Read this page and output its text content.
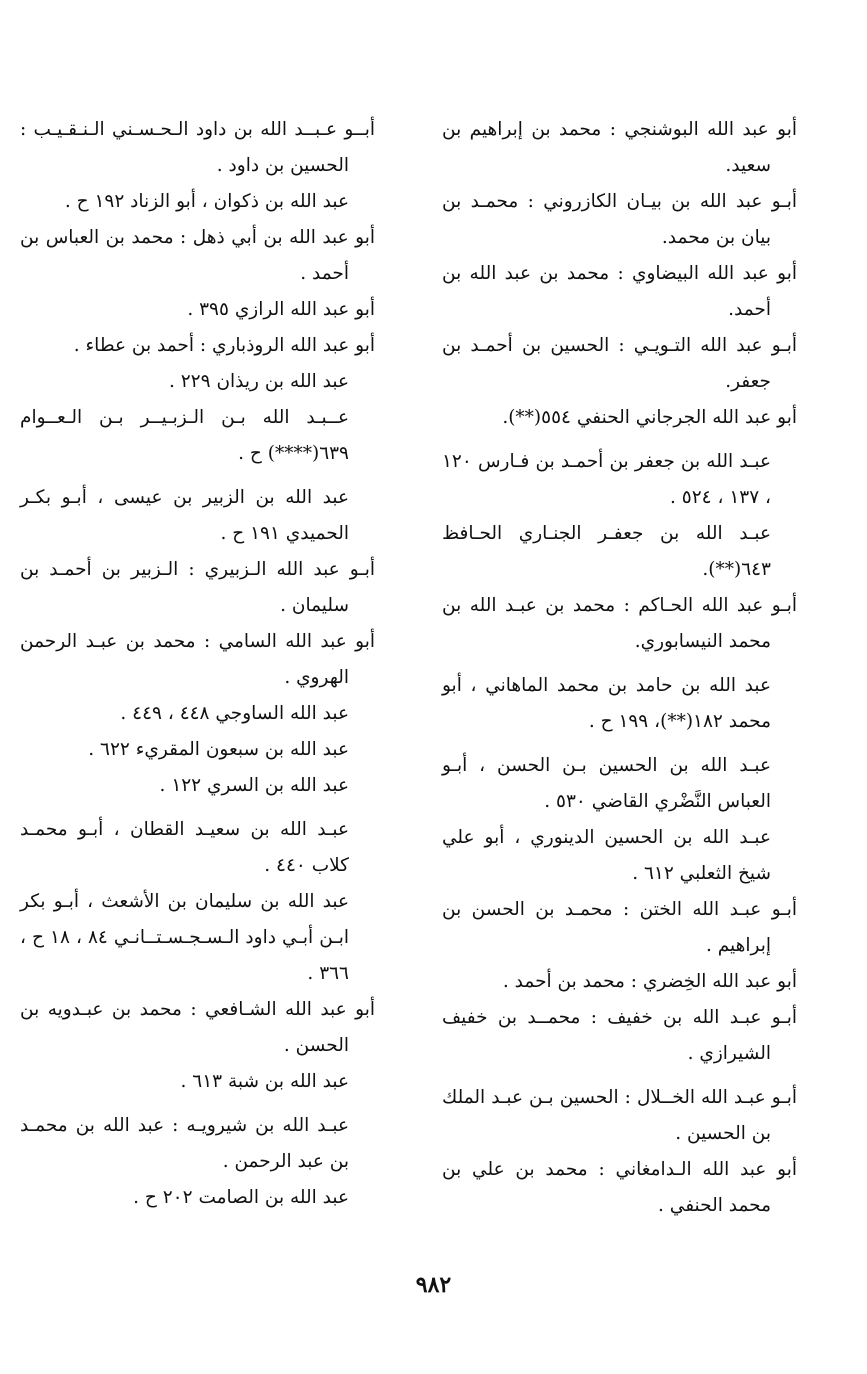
أبو عبد الله البوشنجي : محمد بن إبراهيم بن سعيد.
أبـو عبد الله بن بيـان الكازروني : محمـد بن بيان بن محمد.
أبو عبد الله البيضاوي : محمد بن عبد الله بن أحمد.
أبـو عبد الله التـويـي : الحسين بن أحمـد بن جعفر.
أبو عبد الله الجرجاني الحنفي ٥٥٤(**).
عبـد الله بن جعفر بن أحمـد بن فـارس ١٢٠ ، ١٣٧ ، ٥٢٤ .
عبـد الله بن جعفـر الجنـاري الحـافظ ٦٤٣(**).
أبـو عبد الله الحـاكم : محمد بن عبـد الله بن محمد النيسابوري.
عبد الله بن حامد بن محمد الماهاني ، أبو محمد ١٨٢(**)، ١٩٩ ح .
عبـد الله بن الحسين بـن الحسن ، أبـو العباس النَّضْري القاضي ٥٣٠ .
عبـد الله بن الحسين الدينوري ، أبو علي شيخ الثعلبي ٦١٢ .
أبـو عبـد الله الختن : محمـد بن الحسن بن إبراهيم .
أبو عبد الله الخِضري : محمد بن أحمد .
أبـو عبـد الله بن خفيف : محمــد بن خفيف الشيرازي .
أبـو عبـد الله الخــلال : الحسين بـن عبـد الملك بن الحسين .
أبو عبد الله الـدامغاني : محمد بن علي بن محمد الحنفي .
أبــو عـبــد الله بن داود الـحـسـني الـنـقـيـب : الحسين بن داود .
عبد الله بن ذكوان ، أبو الزناد ١٩٢ ح .
أبو عبد الله بن أبي ذهل : محمد بن العباس بن أحمد .
أبو عبد الله الرازي ٣٩٥ .
أبو عبد الله الروذباري : أحمد بن عطاء .
عبد الله بن ريذان ٢٢٩ .
عــبـد الله بـن الـزبـيــر بـن الـعــوام ٦٣٩(****) ح .
عبد الله بن الزبير بن عيسى ، أبـو بكـر الحميدي ١٩١ ح .
أبـو عبد الله الـزبيري : الـزبير بن أحمـد بن سليمان .
أبو عبد الله السامي : محمد بن عبـد الرحمن الهروي .
عبد الله الساوجي ٤٤٨ ، ٤٤٩ .
عبد الله بن سبعون المقريء ٦٢٢ .
عبد الله بن السري ١٢٢ .
عبـد الله بن سعيـد القطان ، أبـو محمـد كلاب ٤٤٠ .
عبد الله بن سليمان بن الأشعث ، أبـو بكر ابـن أبـي داود الـسـجـسـتــانـي ٨٤ ، ١٨ ح ، ٣٦٦ .
أبو عبد الله الشـافعي : محمد بن عبـدويه بن الحسن .
عبد الله بن شبة ٦١٣ .
عبـد الله بن شيرويـه : عبد الله بن محمـد بن عبد الرحمن .
عبد الله بن الصامت ٢٠٢ ح .
٩٨٢
